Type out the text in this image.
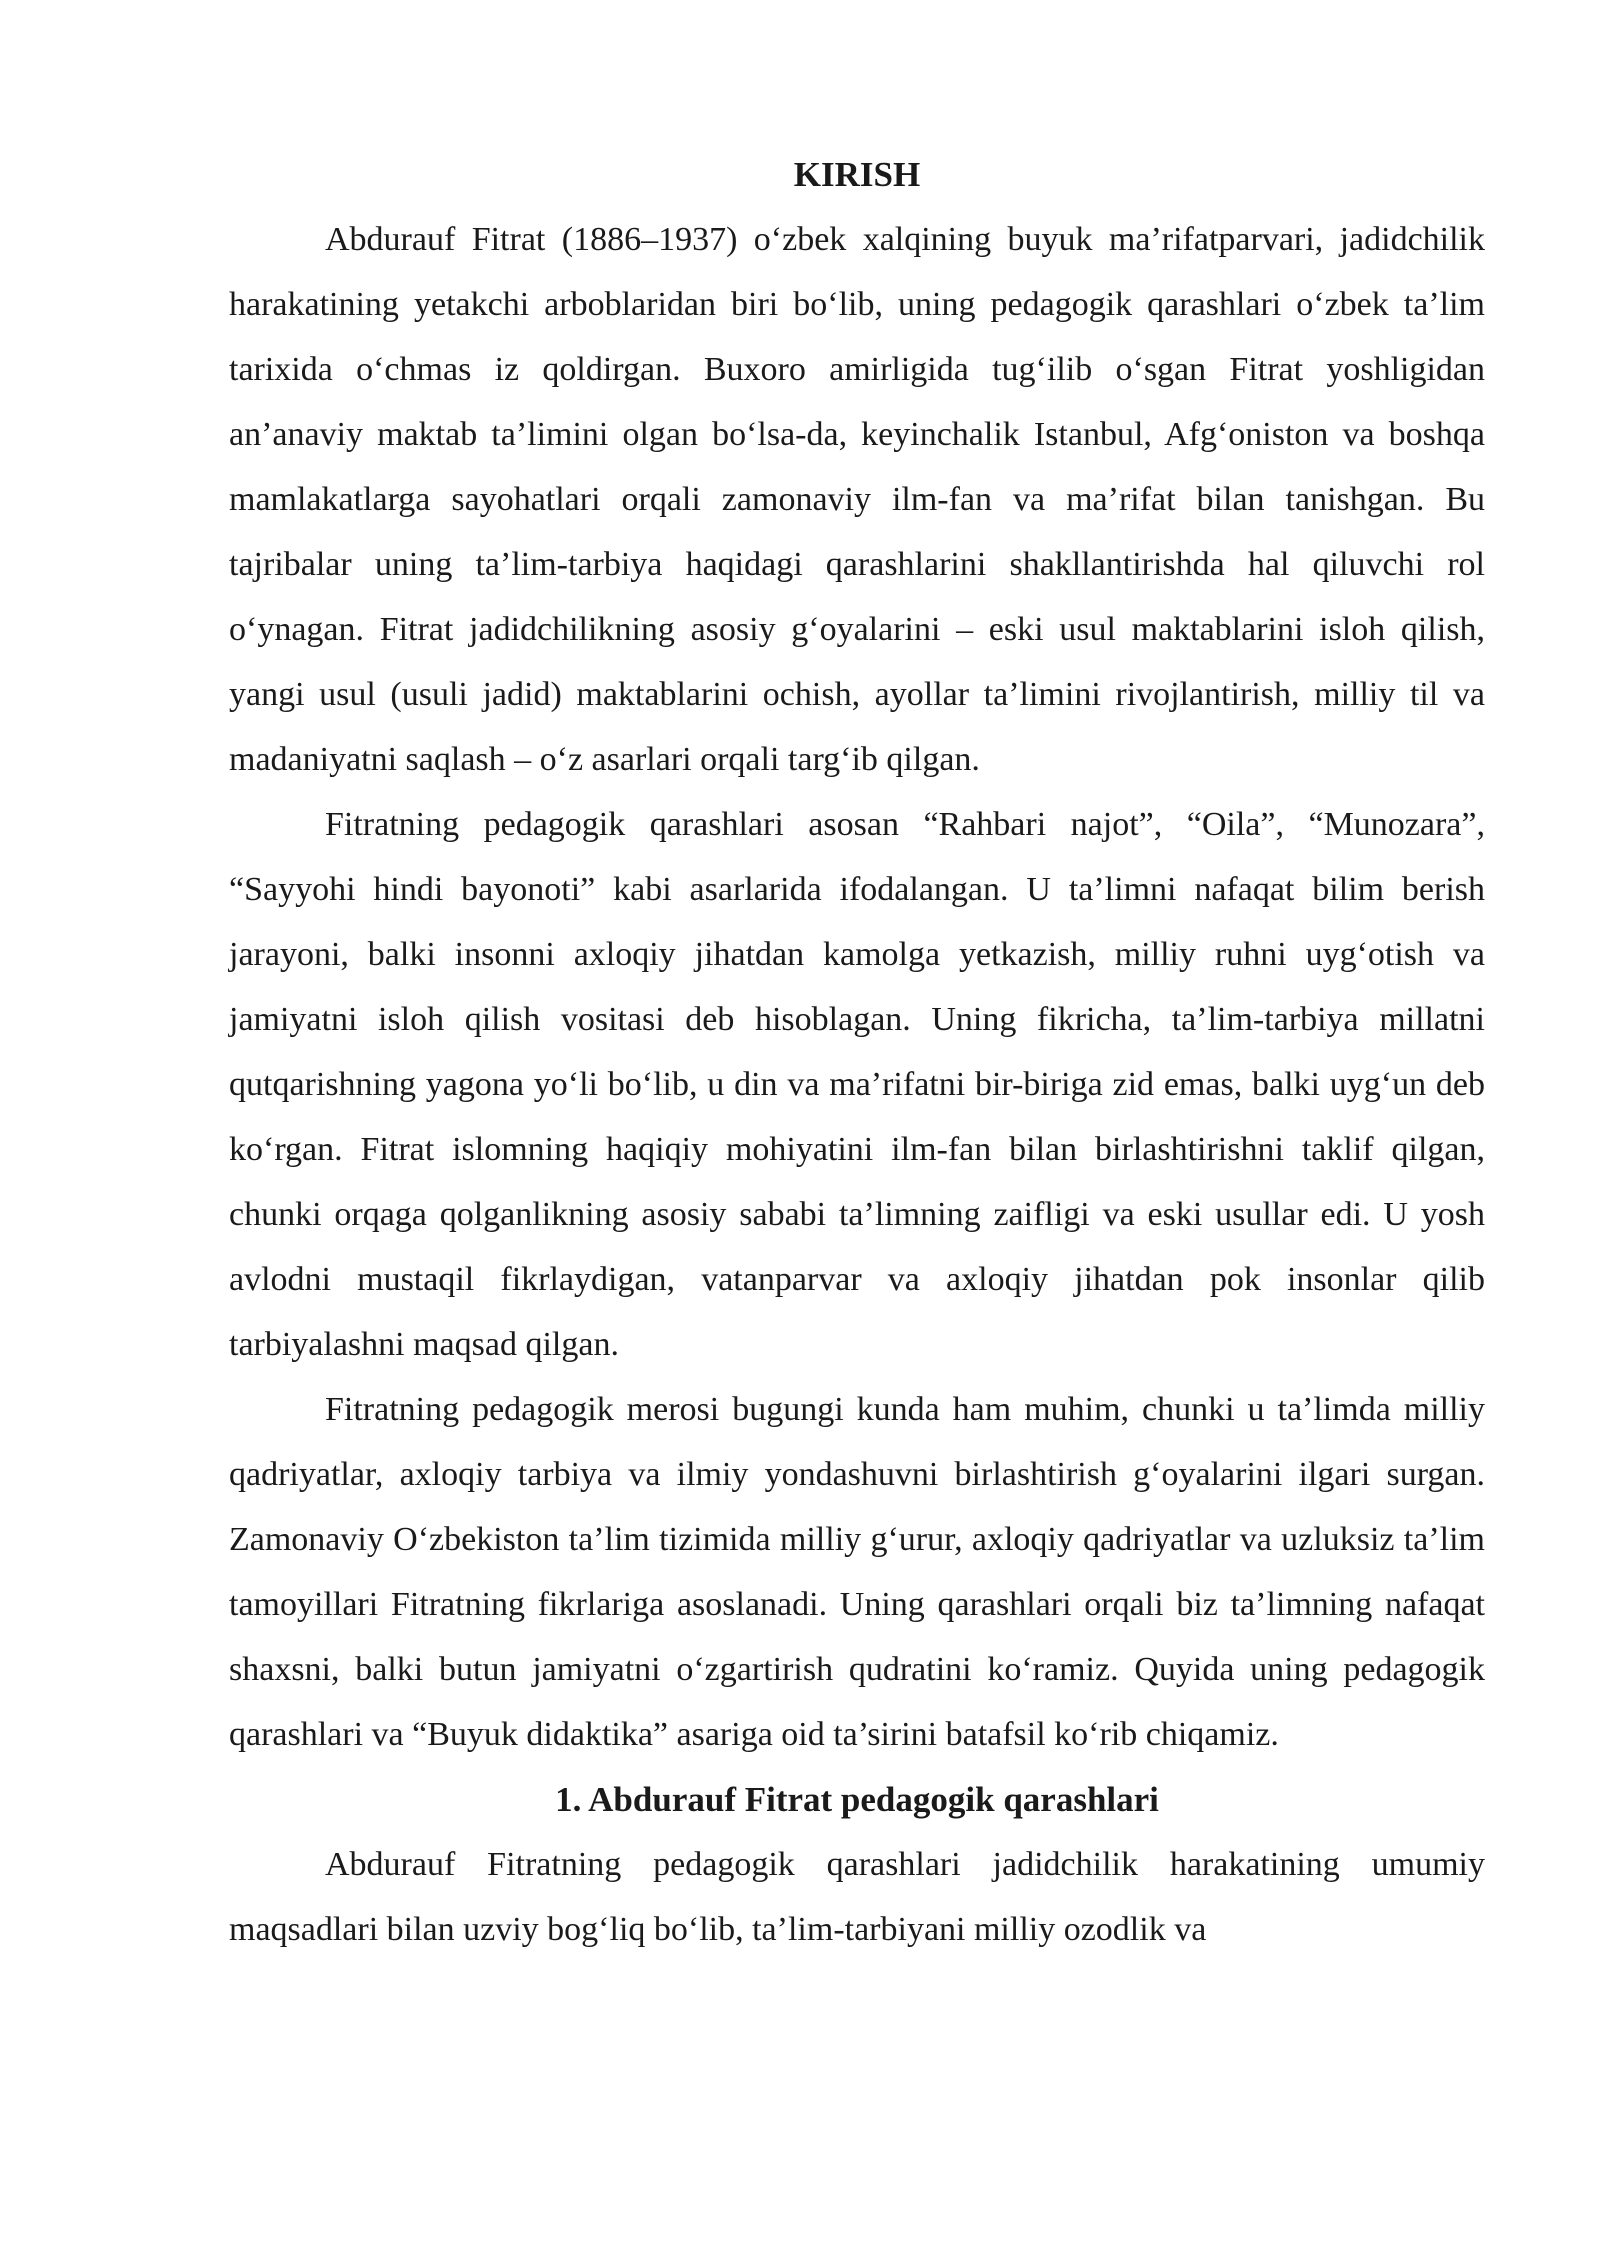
KIRISH

Abdurauf Fitrat (1886–1937) o‘zbek xalqining buyuk ma’rifatparvari, jadidchilik harakatining yetakchi arboblaridan biri bo‘lib, uning pedagogik qarashlari o‘zbek ta’lim tarixida o‘chmas iz qoldirgan. Buxoro amirligida tug‘ilib o‘sgan Fitrat yoshligidan an’anaviy maktab ta’limini olgan bo‘lsa-da, keyinchalik Istanbul, Afg‘oniston va boshqa mamlakatlarga sayohatlari orqali zamonaviy ilm-fan va ma’rifat bilan tanishgan. Bu tajribalar uning ta’lim-tarbiya haqidagi qarashlarini shakllantirishda hal qiluvchi rol o‘ynagan. Fitrat jadidchilikning asosiy g‘oyalarini – eski usul maktablarini isloh qilish, yangi usul (usuli jadid) maktablarini ochish, ayollar ta’limini rivojlantirish, milliy til va madaniyatni saqlash – o‘z asarlari orqali targ‘ib qilgan.

Fitratning pedagogik qarashlari asosan “Rahbari najot”, “Oila”, “Munozara”, “Sayyohi hindi bayonoti” kabi asarlarida ifodalangan. U ta’limni nafaqat bilim berish jarayoni, balki insonni axloqiy jihatdan kamolga yetkazish, milliy ruhni uyg‘otish va jamiyatni isloh qilish vositasi deb hisoblagan. Uning fikricha, ta’lim-tarbiya millatni qutqarishning yagona yo‘li bo‘lib, u din va ma’rifatni bir-biriga zid emas, balki uyg‘un deb ko‘rgan. Fitrat islomning haqiqiy mohiyatini ilm-fan bilan birlashtirishni taklif qilgan, chunki orqaga qolganlikning asosiy sababi ta’limning zaifligi va eski usullar edi. U yosh avlodni mustaqil fikrlaydigan, vatanparvar va axloqiy jihatdan pok insonlar qilib tarbiyalashni maqsad qilgan.

Fitratning pedagogik merosi bugungi kunda ham muhim, chunki u ta’limda milliy qadriyatlar, axloqiy tarbiya va ilmiy yondashuvni birlashtirish g‘oyalarini ilgari surgan. Zamonaviy O‘zbekiston ta’lim tizimida milliy g‘urur, axloqiy qadriyatlar va uzluksiz ta’lim tamoyillari Fitratning fikrlariga asoslanadi. Uning qarashlari orqali biz ta’limning nafaqat shaxsni, balki butun jamiyatni o‘zgartirish qudratini ko‘ramiz. Quyida uning pedagogik qarashlari va “Buyuk didaktika” asariga oid ta’sirini batafsil ko‘rib chiqamiz.

1. Abdurauf Fitrat pedagogik qarashlari

Abdurauf Fitratning pedagogik qarashlari jadidchilik harakatining umumiy maqsadlari bilan uzviy bog‘liq bo‘lib, ta’lim-tarbiyani milliy ozodlik va
